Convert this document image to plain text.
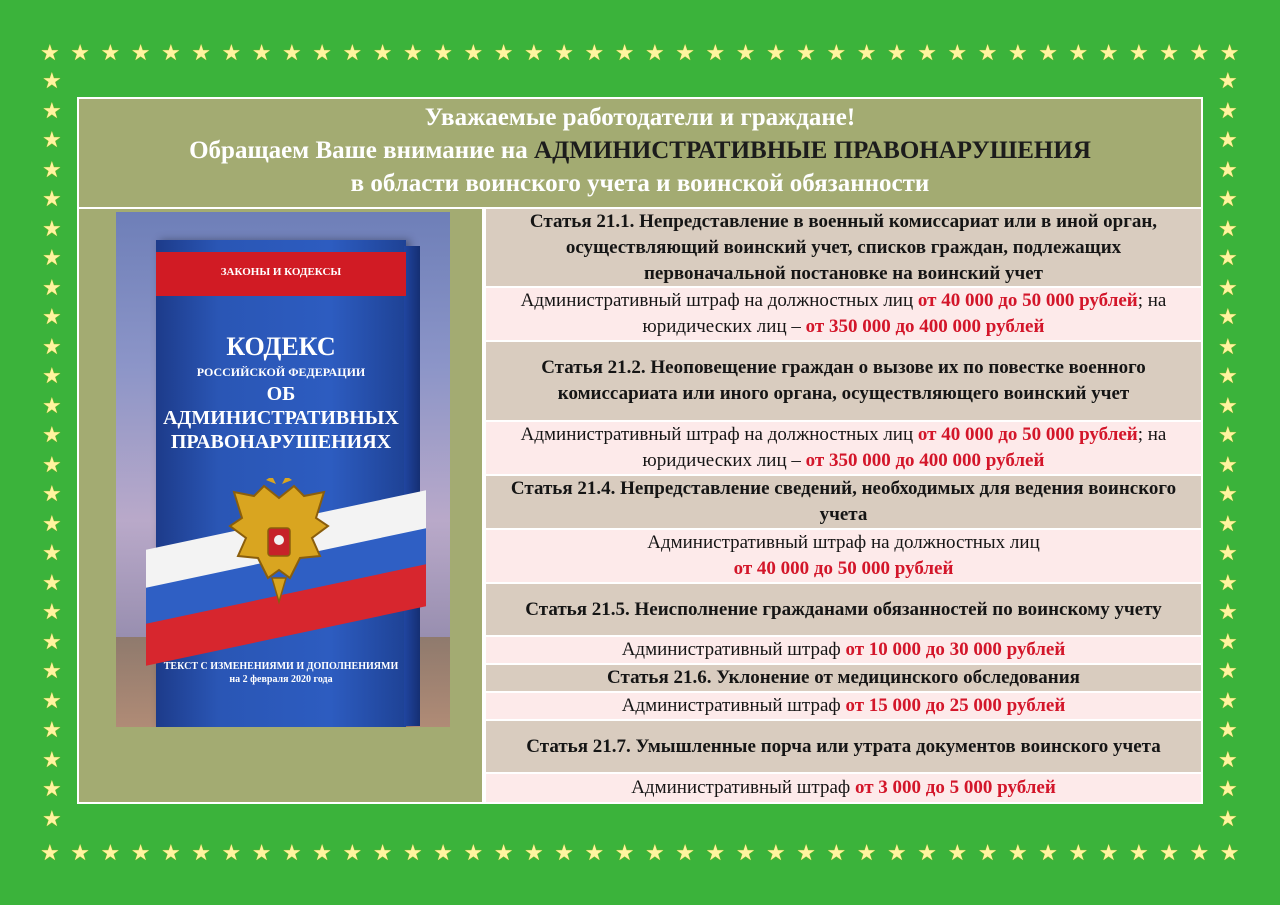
★ ★ ★ ★ ★ ★ ★ ★ ★ ★ ★ ★ ★ ★ ★ ★ ★ ★ ★ ★ ★ ★ ★ ★ ★ ★ ★ ★ ★ ★ ★ ★ ★ ★ ★ ★ ★ ★ ★ ★
★ ★ ★ ★ ★ ★ ★ ★ ★ ★ ★ ★ ★ ★ ★ ★ ★ ★ ★ ★ ★ ★ ★ ★ ★ ★ ★ ★ ★ ★ ★ ★ ★ ★ ★ ★ ★ ★ ★ ★
★
★
★
★
★
★
★
★
★
★
★
★
★
★
★
★
★
★
★
★
★
★
★
★
★
★
★
★
★
★
★
★
★
★
★
★
★
★
★
★
★
★
★
★
★
★
★
★
★
★
★
★
Уважаемые работодатели и граждане!
Обращаем Ваше внимание на АДМИНИСТРАТИВНЫЕ ПРАВОНАРУШЕНИЯ
в области воинского учета и воинской обязанности
ЗАКОНЫ И КОДЕКСЫ
КОДЕКС
РОССИЙСКОЙ ФЕДЕРАЦИИ
ОБ АДМИНИСТРАТИВНЫХ
ПРАВОНАРУШЕНИЯХ
ТЕКСТ С ИЗМЕНЕНИЯМИ И ДОПОЛНЕНИЯМИ
на 2 февраля 2020 года
Статья 21.1. Непредставление в военный комиссариат или в иной орган, осуществляющий воинский учет, списков граждан, подлежащих первоначальной постановке на воинский учет
Административный штраф на должностных лиц от 40 000 до 50 000 рублей; на юридических лиц – от 350 000 до 400 000 рублей
Статья 21.2. Неоповещение граждан о вызове их по повестке военного комиссариата или иного органа, осуществляющего воинский учет
Административный штраф на должностных лиц от 40 000 до 50 000 рублей; на юридических лиц – от 350 000 до 400 000 рублей
Статья 21.4. Непредставление сведений, необходимых для ведения воинского учета
Административный штраф на должностных лиц
от 40 000 до 50 000 рублей
Статья 21.5. Неисполнение гражданами обязанностей по воинскому учету
Административный штраф от 10 000 до 30 000 рублей
Статья 21.6. Уклонение от медицинского обследования
Административный штраф от 15 000 до 25 000 рублей
Статья 21.7. Умышленные порча или утрата документов воинского учета
Административный штраф от 3 000 до 5 000 рублей
